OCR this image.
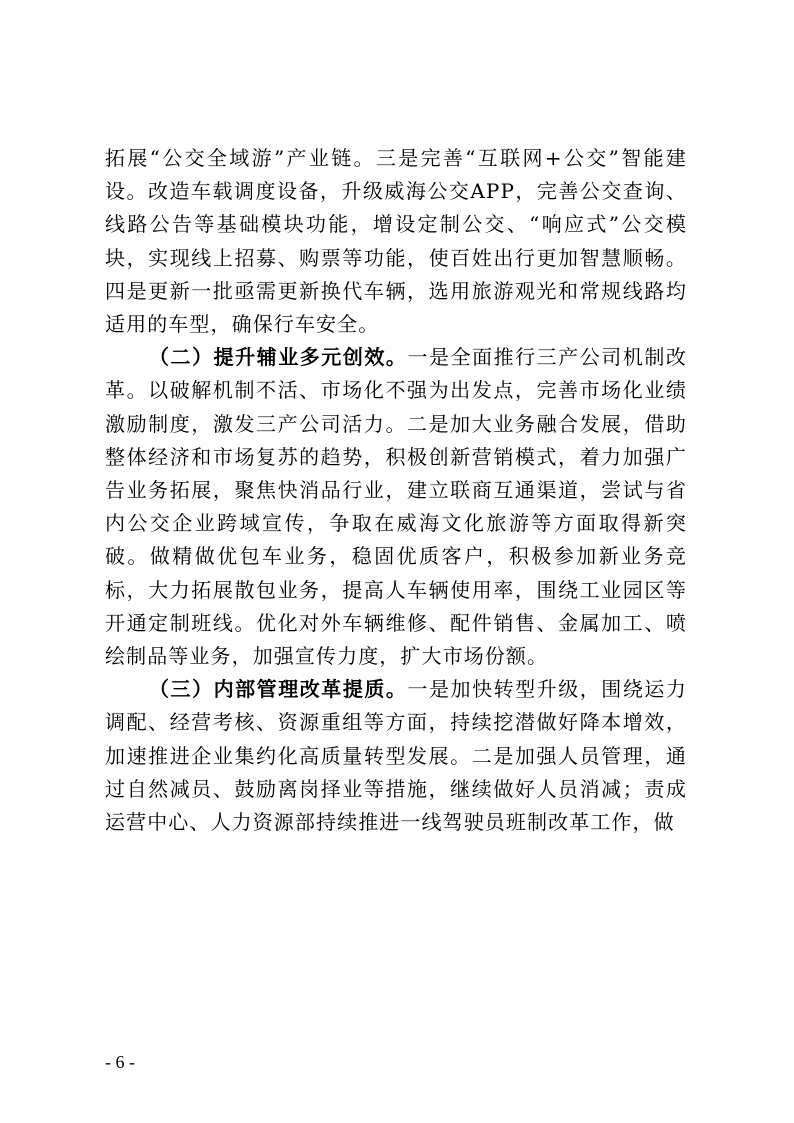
拓展“公交全域游”产业链。三是完善“互联网+公交”智能建设。改造车载调度设备，升级威海公交APP，完善公交查询、线路公告等基础模块功能，增设定制公交、“响应式”公交模块，实现线上招募、购票等功能，使百姓出行更加智慧顺畅。四是更新一批亟需更新换代车辆，选用旅游观光和常规线路均适用的车型，确保行车安全。

（二）提升辅业多元创效。一是全面推行三产公司机制改革。以破解机制不活、市场化不强为出发点，完善市场化业绩激励制度，激发三产公司活力。二是加大业务融合发展，借助整体经济和市场复苏的趋势，积极创新营销模式，着力加强广告业务拓展，聚焦快消品行业，建立联商互通渠道，尝试与省内公交企业跨域宣传，争取在威海文化旅游等方面取得新突破。做精做优包车业务，稳固优质客户，积极参加新业务竞标，大力拓展散包业务，提高人车辆使用率，围绕工业园区等开通定制班线。优化对外车辆维修、配件销售、金属加工、喷绘制品等业务，加强宣传力度，扩大市场份额。

（三）内部管理改革提质。一是加快转型升级，围绕运力调配、经营考核、资源重组等方面，持续挖潜做好降本增效，加速推进企业集约化高质量转型发展。二是加强人员管理，通过自然减员、鼓励离岗择业等措施，继续做好人员消减；责成运营中心、人力资源部持续推进一线驾驶员班制改革工作，做

- 6 -
